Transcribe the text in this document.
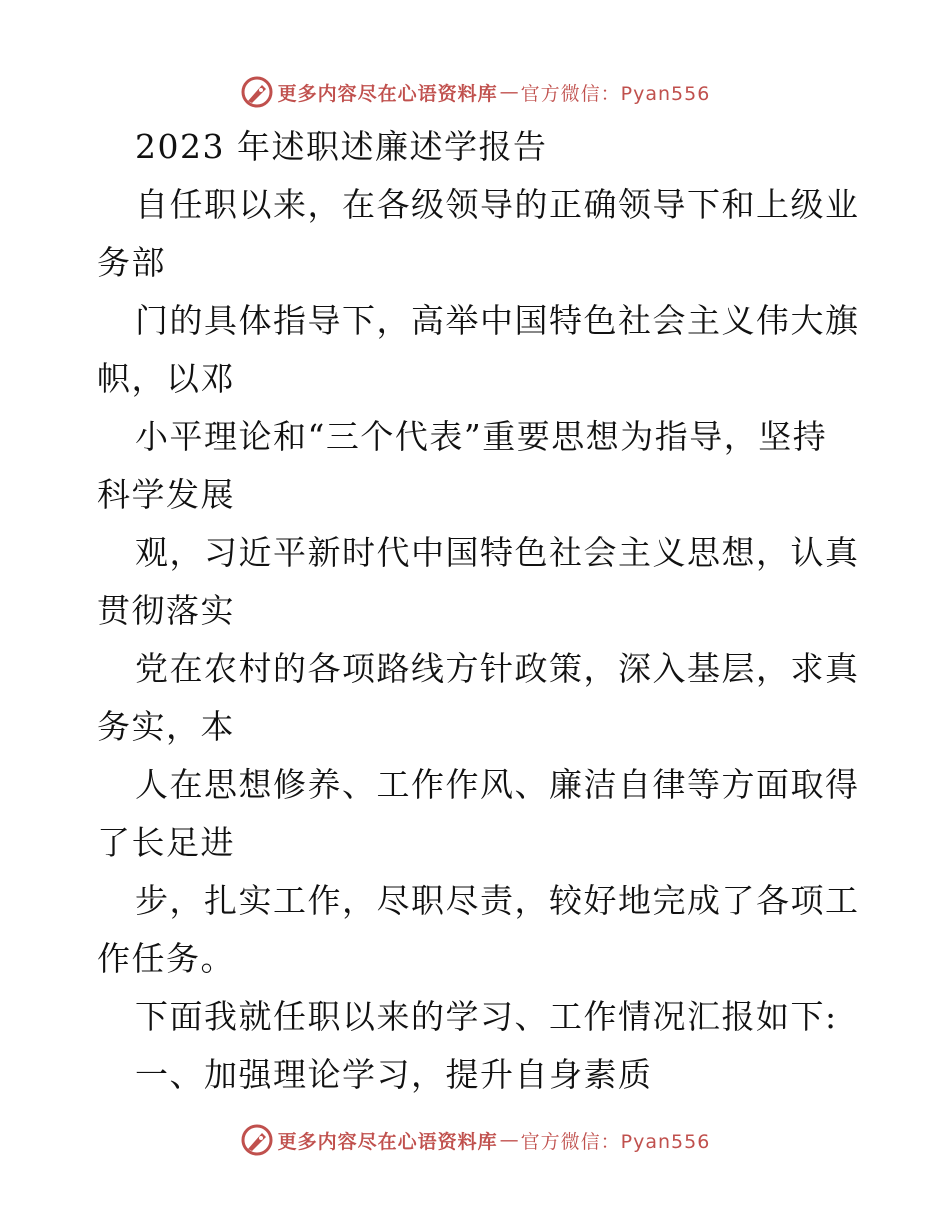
更多内容尽在心语资料库 — 官方微信：Pyan556
2023 年述职述廉述学报告
自任职以来，在各级领导的正确领导下和上级业
务部
门的具体指导下，高举中国特色社会主义伟大旗
帜，以邓
小平理论和“三个代表”重要思想为指导，坚持
科学发展
观，习近平新时代中国特色社会主义思想，认真
贯彻落实
党在农村的各项路线方针政策，深入基层，求真
务实，本
人在思想修养、工作作风、廉洁自律等方面取得
了长足进
步，扎实工作，尽职尽责，较好地完成了各项工
作任务。
下面我就任职以来的学习、工作情况汇报如下:
一、加强理论学习，提升自身素质
更多内容尽在心语资料库 — 官方微信：Pyan556
